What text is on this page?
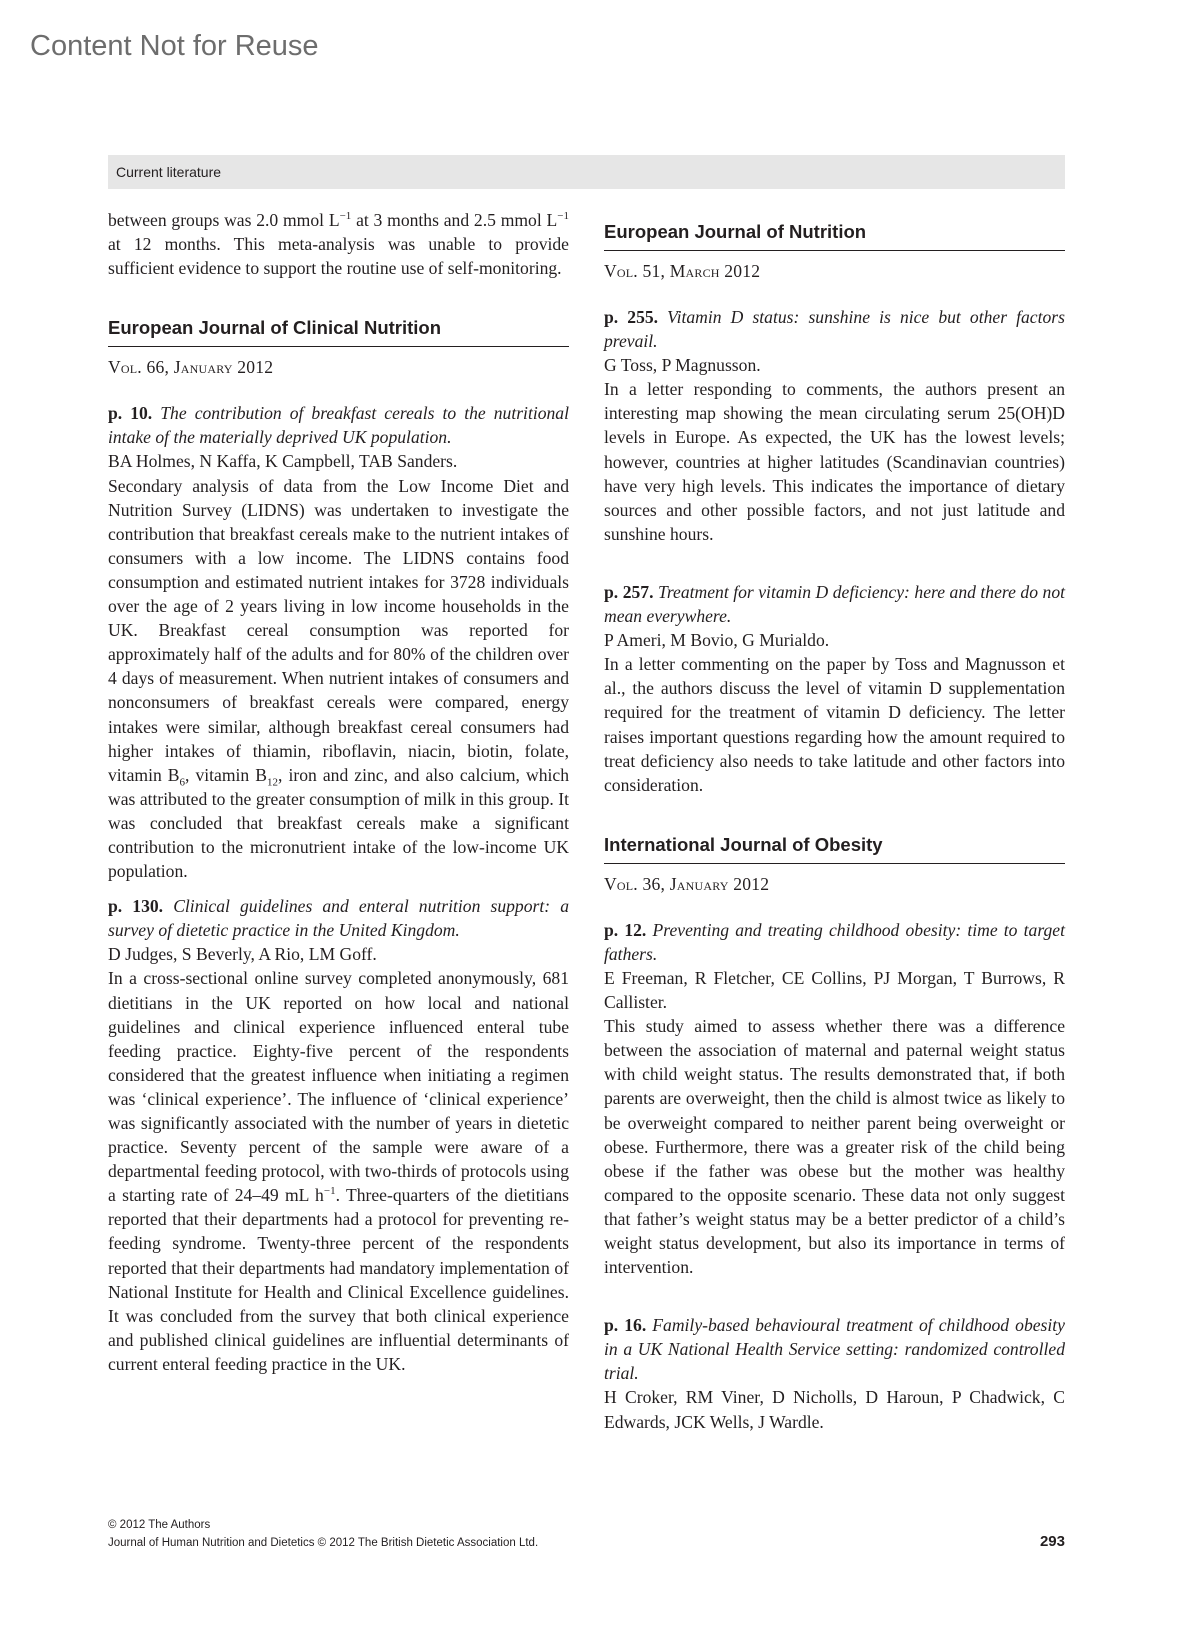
Content Not for Reuse
Current literature

between groups was 2.0 mmol $L^{-1}$ at 3 months and 2.5 mmol $L^{-1}$ at 12 months. This meta-analysis was unable to provide sufficient evidence to support the routine use of self-monitoring.

European Journal of Clinical Nutrition
Vol. 66, January 2012

p. 10. The contribution of breakfast cereals to the nutritional intake of the materially deprived UK population.

BA Holmes, N Kaffa, K Campbell, TAB Sanders.

Secondary analysis of data from the Low Income Diet and Nutrition Survey (LIDNS) was undertaken to investigate the contribution that breakfast cereals make to the nutrient intakes of consumers with a low income. The LIDNS contains food consumption and estimated nutrient intakes for 3728 individuals over the age of 2 years living in low income households in the UK. Breakfast cereal consumption was reported for approximately half of the adults and for 80% of the children over 4 days of measurement. When nutrient intakes of consumers and nonconsumers of breakfast cereals were compared, energy intakes were similar, although breakfast cereal consumers had higher intakes of thiamin, riboflavin, niacin, biotin, folate, vitamin $B_6$, vitamin $B_{12}$, iron and zinc, and also calcium, which was attributed to the greater consumption of milk in this group. It was concluded that breakfast cereals make a significant contribution to the micronutrient intake of the low-income UK population.

p. 130. Clinical guidelines and enteral nutrition support: a survey of dietetic practice in the United Kingdom.

D Judges, S Beverly, A Rio, LM Goff.

In a cross-sectional online survey completed anonymously, 681 dietitians in the UK reported on how local and national guidelines and clinical experience influenced enteral tube feeding practice. Eighty-five percent of the respondents considered that the greatest influence when initiating a regimen was ‘clinical experience’. The influence of ‘clinical experience’ was significantly associated with the number of years in dietetic practice. Seventy percent of the sample were aware of a departmental feeding protocol, with two-thirds of protocols using a starting rate of 24–49 mL $h^{-1}$. Three-quarters of the dietitians reported that their departments had a protocol for preventing re-feeding syndrome. Twenty-three percent of the respondents reported that their departments had mandatory implementation of National Institute for Health and Clinical Excellence guidelines. It was concluded from the survey that both clinical experience and published clinical guidelines are influential determinants of current enteral feeding practice in the UK.

European Journal of Nutrition
Vol. 51, March 2012

p. 255. Vitamin D status: sunshine is nice but other factors prevail.

G Toss, P Magnusson.

In a letter responding to comments, the authors present an interesting map showing the mean circulating serum 25(OH)D levels in Europe. As expected, the UK has the lowest levels; however, countries at higher latitudes (Scandinavian countries) have very high levels. This indicates the importance of dietary sources and other possible factors, and not just latitude and sunshine hours.

p. 257. Treatment for vitamin D deficiency: here and there do not mean everywhere.

P Ameri, M Bovio, G Murialdo.

In a letter commenting on the paper by Toss and Magnusson et al., the authors discuss the level of vitamin D supplementation required for the treatment of vitamin D deficiency. The letter raises important questions regarding how the amount required to treat deficiency also needs to take latitude and other factors into consideration.

International Journal of Obesity
Vol. 36, January 2012

p. 12. Preventing and treating childhood obesity: time to target fathers.

E Freeman, R Fletcher, CE Collins, PJ Morgan, T Burrows, R Callister.

This study aimed to assess whether there was a difference between the association of maternal and paternal weight status with child weight status. The results demonstrated that, if both parents are overweight, then the child is almost twice as likely to be overweight compared to neither parent being overweight or obese. Furthermore, there was a greater risk of the child being obese if the father was obese but the mother was healthy compared to the opposite scenario. These data not only suggest that father’s weight status may be a better predictor of a child’s weight status development, but also its importance in terms of intervention.

p. 16. Family-based behavioural treatment of childhood obesity in a UK National Health Service setting: randomized controlled trial.

H Croker, RM Viner, D Nicholls, D Haroun, P Chadwick, C Edwards, JCK Wells, J Wardle.

© 2012 The Authors
Journal of Human Nutrition and Dietetics © 2012 The British Dietetic Association Ltd.	293
